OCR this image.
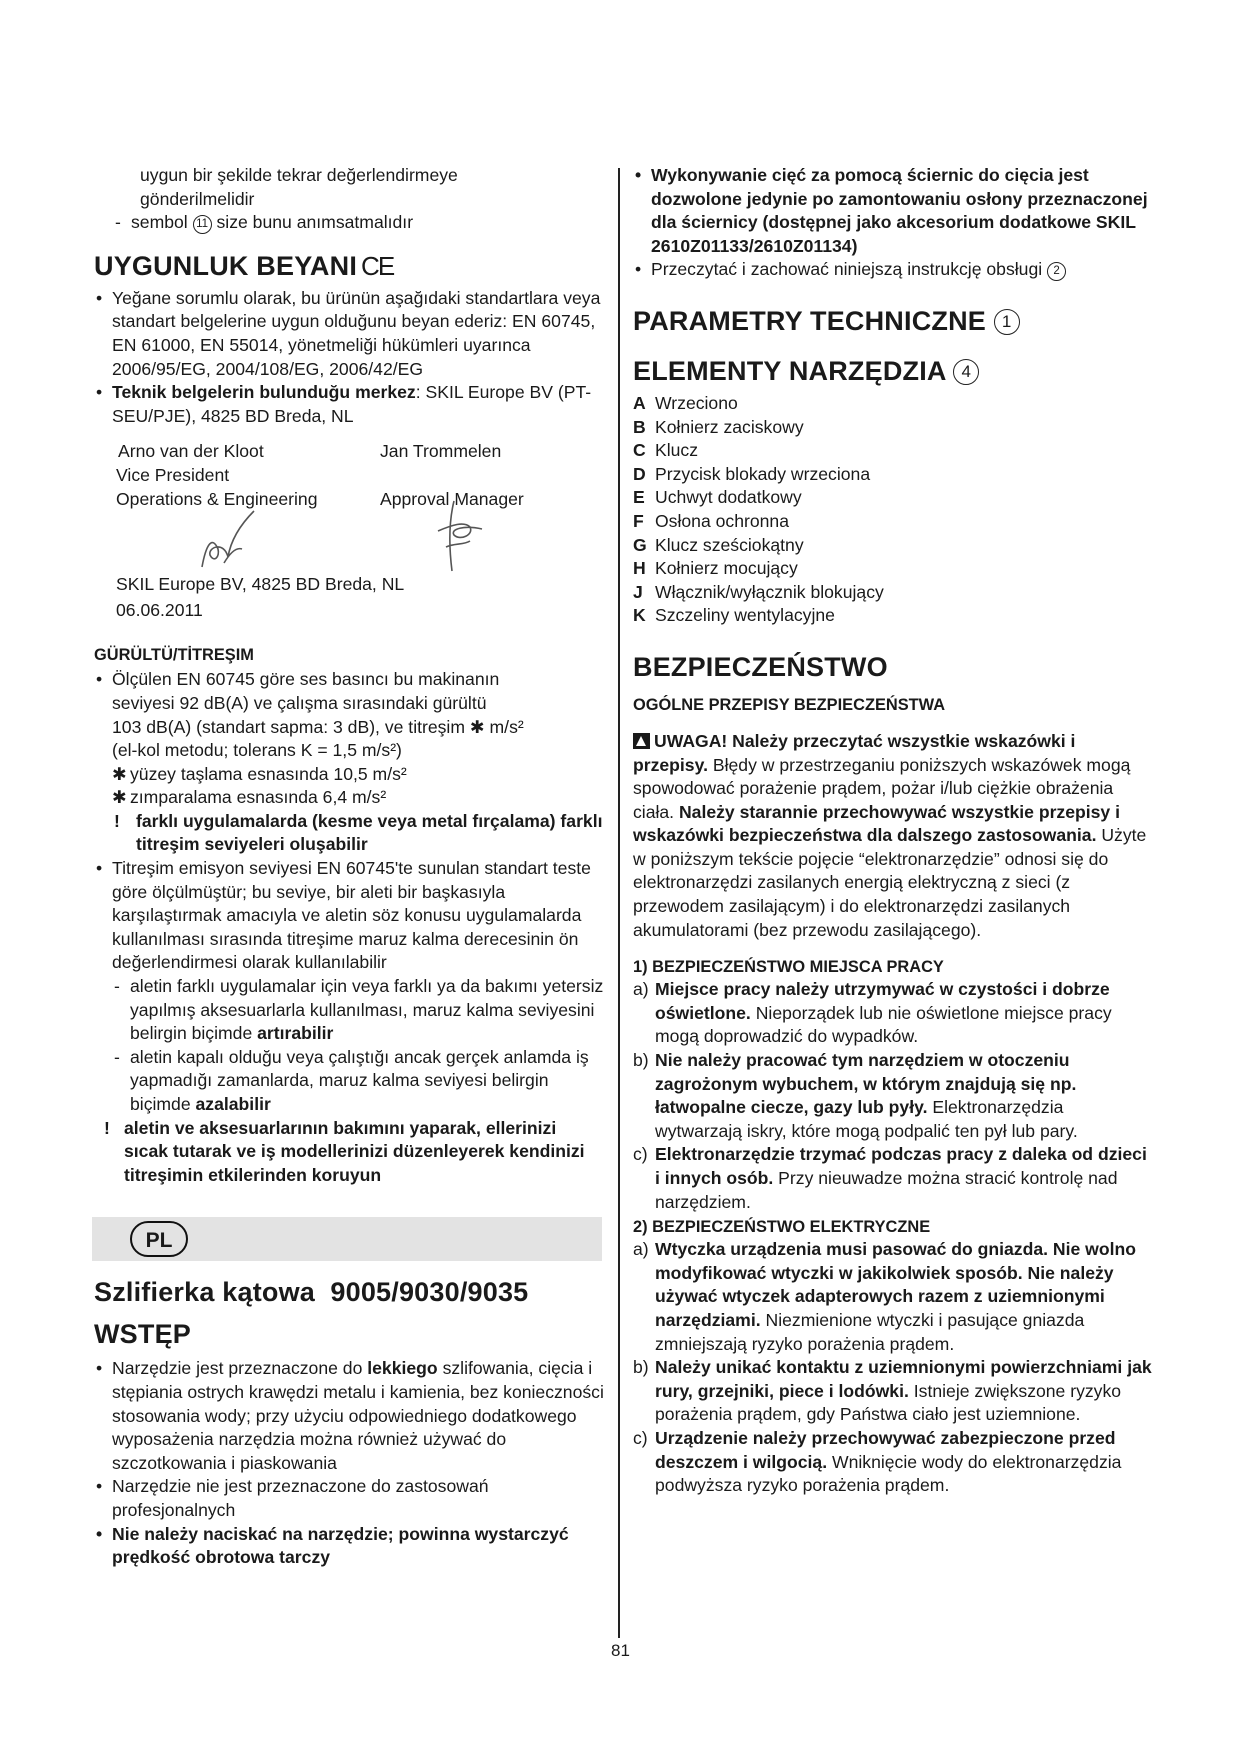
uygun bir şekilde tekrar değerlendirmeye

gönderilmelidir

- sembol 11 size bunu anımsatmalıdır

UYGUNLUK BEYANI CE

• Yeğane sorumlu olarak, bu ürünün aşağıdaki standartlara veya standart belgelerine uygun olduğunu beyan ederiz: EN 60745, EN 61000, EN 55014, yönetmeliği hükümleri uyarınca 2006/95/EG, 2004/108/EG, 2006/42/EG

• Teknik belgelerin bulunduğu merkez: SKIL Europe BV (PT-SEU/PJE), 4825 BD Breda, NL

Arno van der Kloot	Jan Trommelen
Vice President
Operations & Engineering	Approval Manager

SKIL Europe BV, 4825 BD Breda, NL

06.06.2011

GÜRÜLTÜ/TİTREŞIM

• Ölçülen EN 60745 göre ses basıncı bu makinanın

seviyesi 92 dB(A) ve çalışma sırasındaki gürültü

103 dB(A) (standart sapma: 3 dB), ve titreşim ✱ m/s²

(el-kol metodu; tolerans K = 1,5 m/s²)

✱ yüzey taşlama esnasında 10,5 m/s²

✱ zımparalama esnasında 6,4 m/s²

! farklı uygulamalarda (kesme veya metal fırçalama) farklı titreşim seviyeleri oluşabilir

• Titreşim emisyon seviyesi EN 60745'te sunulan standart teste göre ölçülmüştür; bu seviye, bir aleti bir başkasıyla karşılaştırmak amacıyla ve aletin söz konusu uygulamalarda kullanılması sırasında titreşime maruz kalma derecesinin ön değerlendirmesi olarak kullanılabilir

- aletin farklı uygulamalar için veya farklı ya da bakımı yetersiz yapılmış aksesuarlarla kullanılması, maruz kalma seviyesini belirgin biçimde artırabilir

- aletin kapalı olduğu veya çalıştığı ancak gerçek anlamda iş yapmadığı zamanlarda, maruz kalma seviyesi belirgin biçimde azalabilir

! aletin ve aksesuarlarının bakımını yaparak, ellerinizi sıcak tutarak ve iş modellerinizi düzenleyerek kendinizi titreşimin etkilerinden koruyun

PL
Szlifierka kątowa  9005/9030/9035
WSTĘP

• Narzędzie jest przeznaczone do lekkiego szlifowania, cięcia i stępiania ostrych krawędzi metalu i kamienia, bez konieczności stosowania wody; przy użyciu odpowiedniego dodatkowego wyposażenia narzędzia można również używać do szczotkowania i piaskowania

• Narzędzie nie jest przeznaczone do zastosowań profesjonalnych

• Nie należy naciskać na narzędzie; powinna wystarczyć prędkość obrotowa tarczy

• Wykonywanie cięć za pomocą ściernic do cięcia jest dozwolone jedynie po zamontowaniu osłony przeznaczonej dla ściernicy (dostępnej jako akcesorium dodatkowe SKIL 2610Z01133/2610Z01134)

• Przeczytać i zachować niniejszą instrukcję obsługi 2

PARAMETRY TECHNICZNE 1
ELEMENTY NARZĘDZIA 4

A Wrzeciono

B Kołnierz zaciskowy

C Klucz

D Przycisk blokady wrzeciona

E Uchwyt dodatkowy

F Osłona ochronna

G Klucz sześciokątny

H Kołnierz mocujący

J Włącznik/wyłącznik blokujący

K Szczeliny wentylacyjne

BEZPIECZEŃSTWO
OGÓLNE PRZEPISY BEZPIECZEŃSTWA

UWAGA! Należy przeczytać wszystkie wskazówki i przepisy. Błędy w przestrzeganiu poniższych wskazówek mogą spowodować porażenie prądem, pożar i/lub ciężkie obrażenia ciała. Należy starannie przechowywać wszystkie przepisy i wskazówki bezpieczeństwa dla dalszego zastosowania. Użyte w poniższym tekście pojęcie “elektronarzędzie” odnosi się do elektronarzędzi zasilanych energią elektryczną z sieci (z przewodem zasilającym) i do elektronarzędzi zasilanych akumulatorami (bez przewodu zasilającego).

1) BEZPIECZEŃSTWO MIEJSCA PRACY

a) Miejsce pracy należy utrzymywać w czystości i dobrze oświetlone. Nieporządek lub nie oświetlone miejsce pracy mogą doprowadzić do wypadków.

b) Nie należy pracować tym narzędziem w otoczeniu zagrożonym wybuchem, w którym znajdują się np. łatwopalne ciecze, gazy lub pyły. Elektronarzędzia wytwarzają iskry, które mogą podpalić ten pył lub pary.

c) Elektronarzędzie trzymać podczas pracy z daleka od dzieci i innych osób. Przy nieuwadze można stracić kontrolę nad narzędziem.

2) BEZPIECZEŃSTWO ELEKTRYCZNE

a) Wtyczka urządzenia musi pasować do gniazda. Nie wolno modyfikować wtyczki w jakikolwiek sposób. Nie należy używać wtyczek adapterowych razem z uziemnionymi narzędziami. Niezmienione wtyczki i pasujące gniazda zmniejszają ryzyko porażenia prądem.

b) Należy unikać kontaktu z uziemnionymi powierzchniami jak rury, grzejniki, piece i lodówki. Istnieje zwiększone ryzyko porażenia prądem, gdy Państwa ciało jest uziemnione.

c) Urządzenie należy przechowywać zabezpieczone przed deszczem i wilgocią. Wniknięcie wody do elektronarzędzia podwyższa ryzyko porażenia prądem.

81
